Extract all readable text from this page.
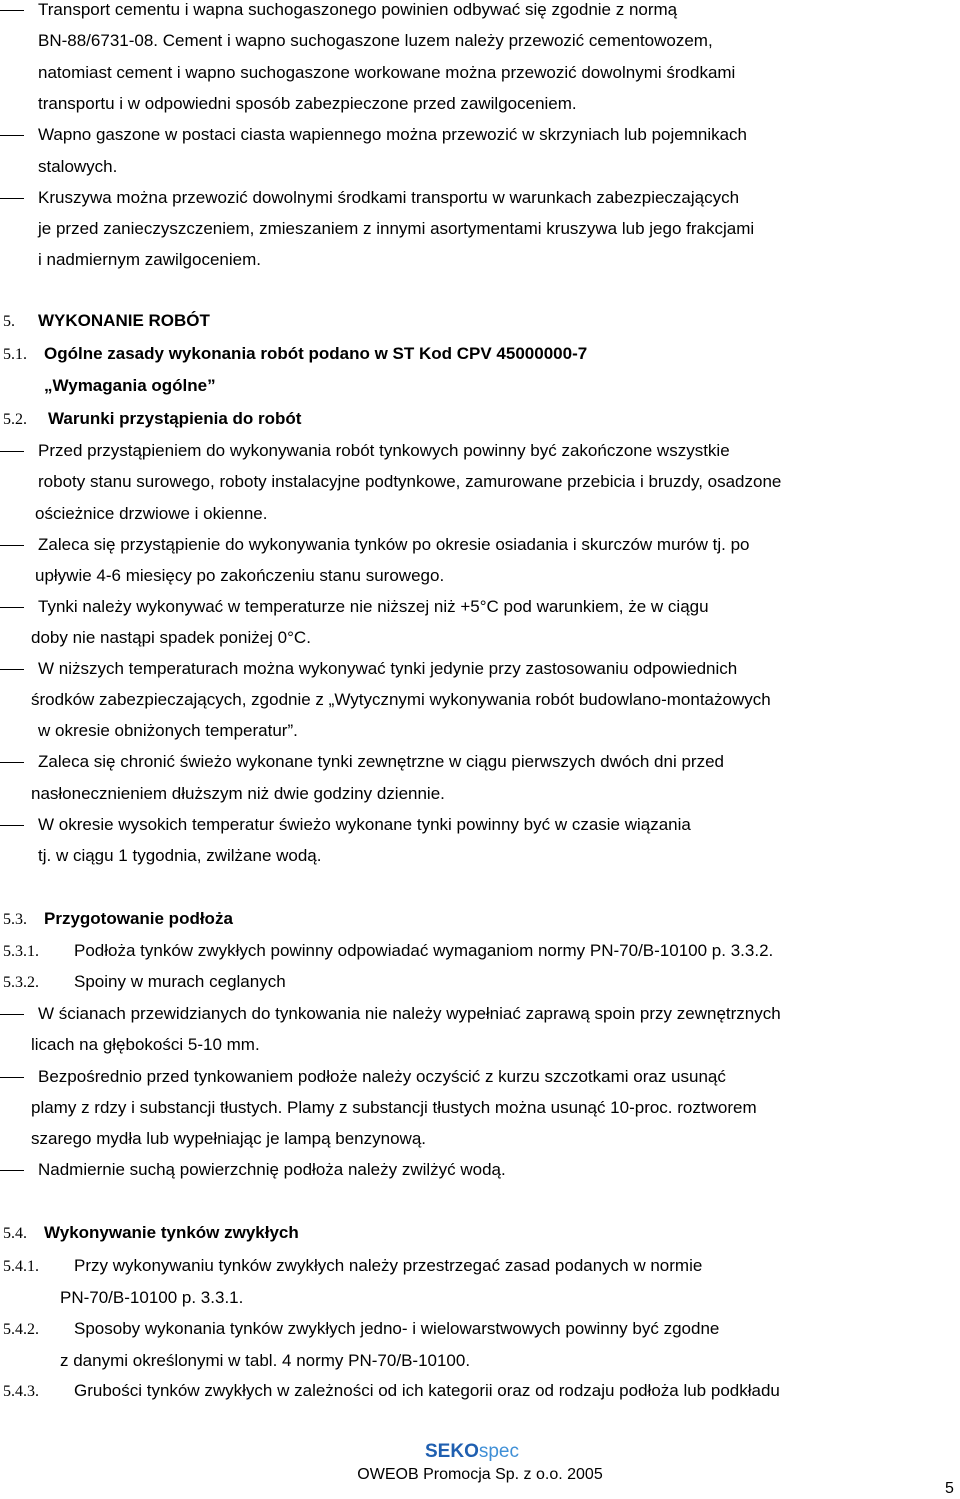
Transport cementu i wapna suchogaszonego powinien odbywać się zgodnie z normą
BN-88/6731-08. Cement i wapno suchogaszone luzem należy przewozić cementowozem,
natomiast cement i wapno suchogaszone workowane można przewozić dowolnymi środkami
transportu i w odpowiedni sposób zabezpieczone przed zawilgoceniem.
Wapno gaszone w postaci ciasta wapiennego można przewozić w skrzyniach lub pojemnikach
stalowych.
Kruszywa można przewozić dowolnymi środkami transportu w warunkach zabezpieczających
je przed zanieczyszczeniem, zmieszaniem z innymi asortymentami kruszywa lub jego frakcjami
i nadmiernym zawilgoceniem.
5. WYKONANIE ROBÓT
5.1. Ogólne zasady wykonania robót podano w ST Kod CPV 45000000-7
„Wymagania ogólne”
5.2. Warunki przystąpienia do robót
Przed przystąpieniem do wykonywania robót tynkowych powinny być zakończone wszystkie
roboty stanu surowego, roboty instalacyjne podtynkowe, zamurowane przebicia i bruzdy, osadzone
ościeżnice drzwiowe i okienne.
Zaleca się przystąpienie do wykonywania tynków po okresie osiadania i skurczów murów tj. po
upływie 4-6 miesięcy po zakończeniu stanu surowego.
Tynki należy wykonywać w temperaturze nie niższej niż +5°C pod warunkiem, że w ciągu
doby nie nastąpi spadek poniżej 0°C.
W niższych temperaturach można wykonywać tynki jedynie przy zastosowaniu odpowiednich
środków zabezpieczających, zgodnie z „Wytycznymi wykonywania robót budowlano-montażowych
w okresie obniżonych temperatur”.
Zaleca się chronić świeżo wykonane tynki zewnętrzne w ciągu pierwszych dwóch dni przed
nasłonecznieniem dłuższym niż dwie godziny dziennie.
W okresie wysokich temperatur świeżo wykonane tynki powinny być w czasie wiązania
tj. w ciągu 1 tygodnia, zwilżane wodą.
5.3. Przygotowanie podłoża
5.3.1. Podłoża tynków zwykłych powinny odpowiadać wymaganiom normy PN-70/B-10100 p. 3.3.2.
5.3.2. Spoiny w murach ceglanych
W ścianach przewidzianych do tynkowania nie należy wypełniać zaprawą spoin przy zewnętrznych
licach na głębokości 5-10 mm.
Bezpośrednio przed tynkowaniem podłoże należy oczyścić z kurzu szczotkami oraz usunąć
plamy z rdzy i substancji tłustych. Plamy z substancji tłustych można usunąć 10-proc. roztworem
szarego mydła lub wypełniając je lampą benzynową.
Nadmiernie suchą powierzchnię podłoża należy zwilżyć wodą.
5.4. Wykonywanie tynków zwykłych
5.4.1. Przy wykonywaniu tynków zwykłych należy przestrzegać zasad podanych w normie
PN-70/B-10100 p. 3.3.1.
5.4.2. Sposoby wykonania tynków zwykłych jedno- i wielowarstwowych powinny być zgodne
z danymi określonymi w tabl. 4 normy PN-70/B-10100.
5.4.3. Grubości tynków zwykłych w zależności od ich kategorii oraz od rodzaju podłoża lub podkładu
SEKOspec
OWEOB Promocja Sp. z o.o. 2005
5
